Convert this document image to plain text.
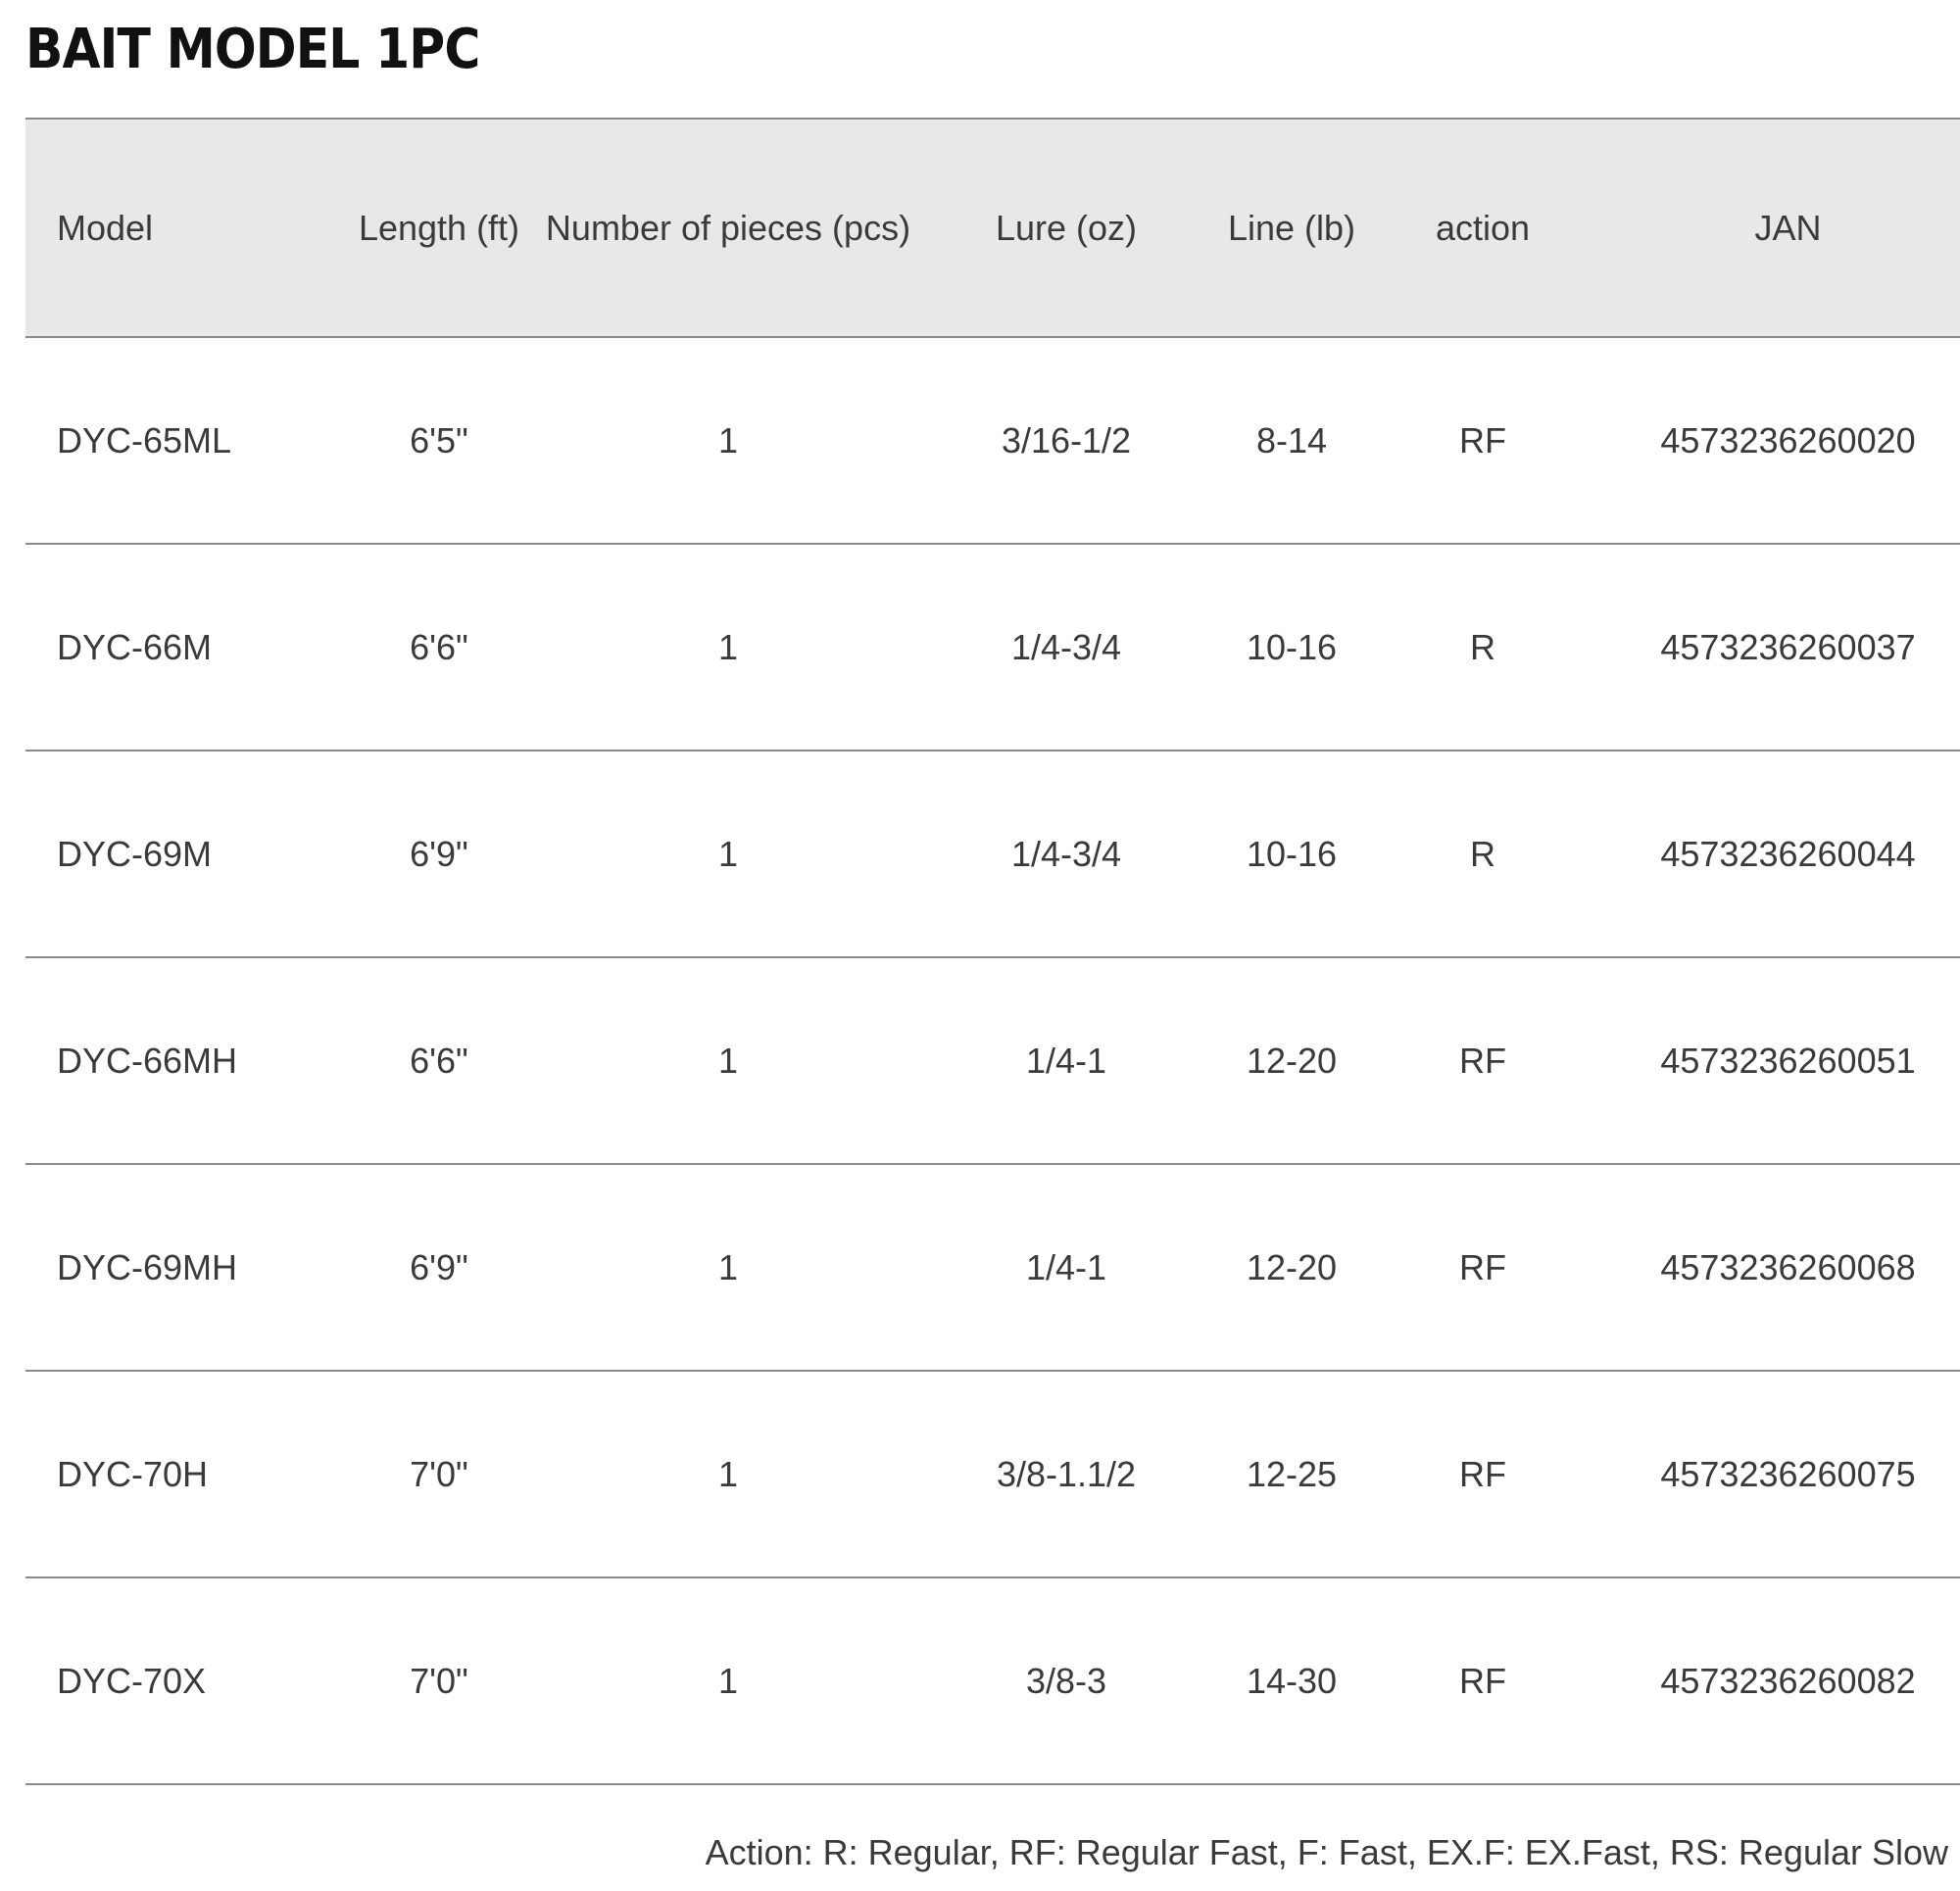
BAIT MODEL 1PC
Model	Length (ft)	Number of pieces (pcs)	Lure (oz)	Line (lb)	action	JAN
DYC-65ML	6'5"	1	3/16-1/2	8-14	RF	4573236260020
DYC-66M	6'6"	1	1/4-3/4	10-16	R	4573236260037
DYC-69M	6'9"	1	1/4-3/4	10-16	R	4573236260044
DYC-66MH	6'6"	1	1/4-1	12-20	RF	4573236260051
DYC-69MH	6'9"	1	1/4-1	12-20	RF	4573236260068
DYC-70H	7'0"	1	3/8-1.1/2	12-25	RF	4573236260075
DYC-70X	7'0"	1	3/8-3	14-30	RF	4573236260082
Action: R: Regular, RF: Regular Fast, F: Fast, EX.F: EX.Fast, RS: Regular Slow
